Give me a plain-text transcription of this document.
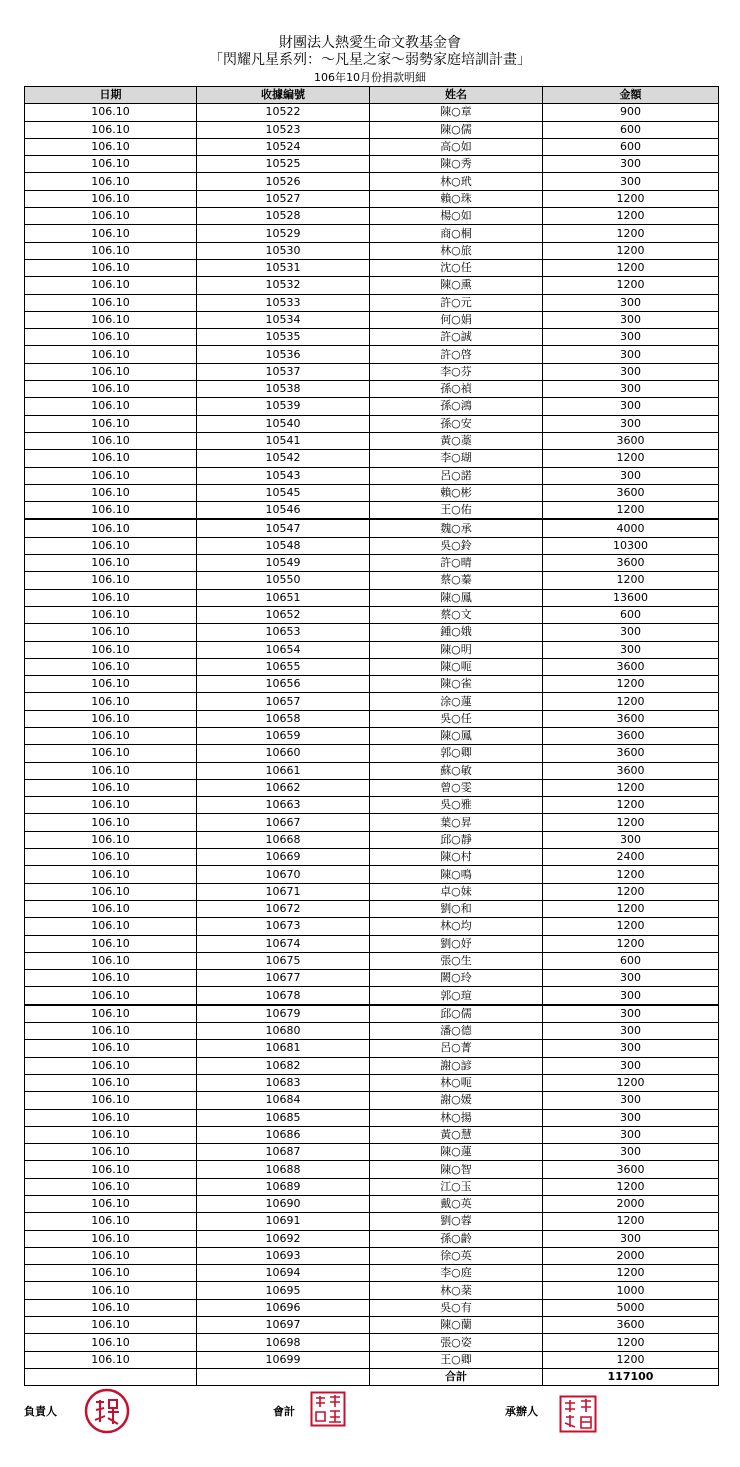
財團法人熱愛生命文教基金會
「閃耀凡星系列：～凡星之家～弱勢家庭培訓計畫」
106年10月份捐款明細
日期	收據編號	姓名	金額
106.10	10522	陳○章	900
106.10	10523	陳○儒	600
106.10	10524	高○如	600
106.10	10525	陳○秀	300
106.10	10526	林○玳	300
106.10	10527	賴○珠	1200
106.10	10528	楊○如	1200
106.10	10529	商○桐	1200
106.10	10530	林○旅	1200
106.10	10531	沈○任	1200
106.10	10532	陳○熏	1200
106.10	10533	許○元	300
106.10	10534	何○娟	300
106.10	10535	許○誠	300
106.10	10536	許○啓	300
106.10	10537	李○芬	300
106.10	10538	孫○禎	300
106.10	10539	孫○鴻	300
106.10	10540	孫○安	300
106.10	10541	黃○藁	3600
106.10	10542	李○瑚	1200
106.10	10543	呂○諾	300
106.10	10545	賴○彬	3600
106.10	10546	王○佑	1200
106.10	10547	魏○承	4000
106.10	10548	吳○鈴	10300
106.10	10549	許○晴	3600
106.10	10550	蔡○蓁	1200
106.10	10651	陳○鳳	13600
106.10	10652	蔡○文	600
106.10	10653	鍾○娥	300
106.10	10654	陳○明	300
106.10	10655	陳○呃	3600
106.10	10656	陳○雀	1200
106.10	10657	涂○蓮	1200
106.10	10658	吳○任	3600
106.10	10659	陳○鳳	3600
106.10	10660	郭○卿	3600
106.10	10661	蘇○敏	3600
106.10	10662	曾○雯	1200
106.10	10663	吳○雅	1200
106.10	10667	葉○昇	1200
106.10	10668	邱○靜	300
106.10	10669	陳○村	2400
106.10	10670	陳○鳴	1200
106.10	10671	卓○妹	1200
106.10	10672	劉○和	1200
106.10	10673	林○均	1200
106.10	10674	劉○妤	1200
106.10	10675	張○生	600
106.10	10677	闕○玲	300
106.10	10678	郭○瑄	300
106.10	10679	邱○儒	300
106.10	10680	潘○德	300
106.10	10681	呂○菁	300
106.10	10682	謝○諺	300
106.10	10683	林○呃	1200
106.10	10684	謝○媛	300
106.10	10685	林○揚	300
106.10	10686	黃○慧	300
106.10	10687	陳○蓮	300
106.10	10688	陳○智	3600
106.10	10689	江○玉	1200
106.10	10690	戴○英	2000
106.10	10691	劉○蓉	1200
106.10	10692	孫○齡	300
106.10	10693	徐○英	2000
106.10	10694	李○庭	1200
106.10	10695	林○棻	1000
106.10	10696	吳○有	5000
106.10	10697	陳○蘭	3600
106.10	10698	張○姿	1200
106.10	10699	王○卿	1200
		合計	117100
負責人	會計	承辦人
